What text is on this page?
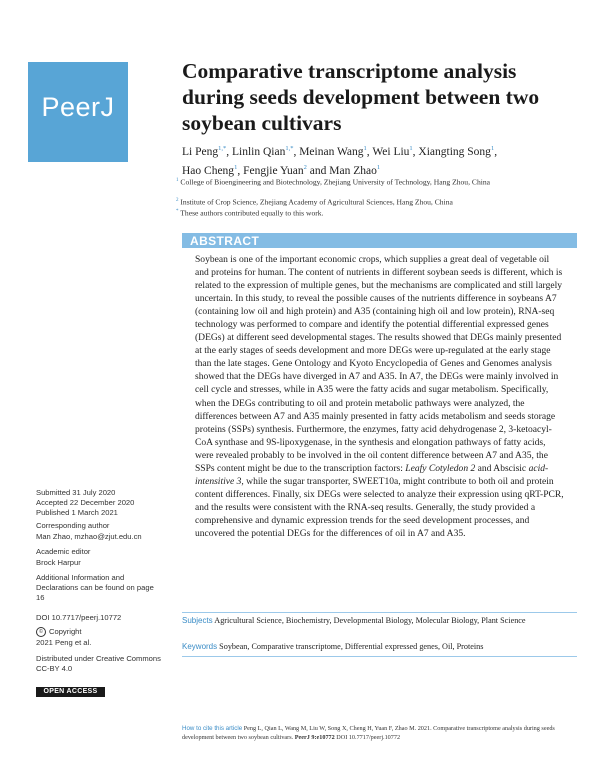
PeerJ
Comparative transcriptome analysis during seeds development between two soybean cultivars
Li Peng$^{1,*}$, Linlin Qian$^{1,*}$, Meinan Wang$^1$, Wei Liu$^1$, Xiangting Song$^1$,
Hao Cheng$^1$, Fengjie Yuan$^2$ and Man Zhao$^1$
$^1$ College of Bioengineering and Biotechnology, Zhejiang University of Technology, Hang Zhou, China
$^2$ Institute of Crop Science, Zhejiang Academy of Agricultural Sciences, Hang Zhou, China
* These authors contributed equally to this work.
ABSTRACT

Soybean is one of the important economic crops, which supplies a great deal of vegetable oil and proteins for human. The content of nutrients in different soybean seeds is different, which is related to the expression of multiple genes, but the mechanisms are complicated and still largely uncertain. In this study, to reveal the possible causes of the nutrients difference in soybeans A7 (containing low oil and high protein) and A35 (containing high oil and low protein), RNA-seq technology was performed to compare and identify the potential differential expressed genes (DEGs) at different seed developmental stages. The results showed that DEGs mainly presented at the early stages of seeds development and more DEGs were up-regulated at the early stage than the late stages. Gene Ontology and Kyoto Encyclopedia of Genes and Genomes analysis showed that the DEGs have diverged in A7 and A35. In A7, the DEGs were mainly involved in cell cycle and stresses, while in A35 were the fatty acids and sugar metabolism. Specifically, when the DEGs contributing to oil and protein metabolic pathways were analyzed, the differences between A7 and A35 mainly presented in fatty acids metabolism and seeds storage proteins (SSPs) synthesis. Furthermore, the enzymes, fatty acid dehydrogenase 2, 3-ketoacyl-CoA synthase and 9S-lipoxygenase, in the synthesis and elongation pathways of fatty acids, were revealed probably to be involved in the oil content difference between A7 and A35, the SSPs content might be due to the transcription factors: Leafy Cotyledon 2 and Abscisic acid-intensitive 3, while the sugar transporter, SWEET10a, might contribute to both oil and protein content differences. Finally, six DEGs were selected to analyze their expression using qRT-PCR, and the results were consistent with the RNA-seq results. Generally, the study provided a comprehensive and dynamic expression trends for the seed development processes, and uncovered the potential DEGs for the differences of oil in A7 and A35.

Submitted 31 July 2020
Accepted 22 December 2020
Published 1 March 2021
Corresponding author
Man Zhao, mzhao@zjut.edu.cn
Academic editor
Brock Harpur
Additional Information and Declarations can be found on page 16
DOI 10.7717/peerj.10772
© Copyright
2021 Peng et al.
Distributed under Creative Commons CC-BY 4.0
OPEN ACCESS
Subjects Agricultural Science, Biochemistry, Developmental Biology, Molecular Biology, Plant Science
Keywords Soybean, Comparative transcriptome, Differential expressed genes, Oil, Proteins
How to cite this article Peng L, Qian L, Wang M, Liu W, Song X, Cheng H, Yuan F, Zhao M. 2021. Comparative transcriptome analysis during seeds development between two soybean cultivars. PeerJ 9:e10772 DOI 10.7717/peerj.10772
